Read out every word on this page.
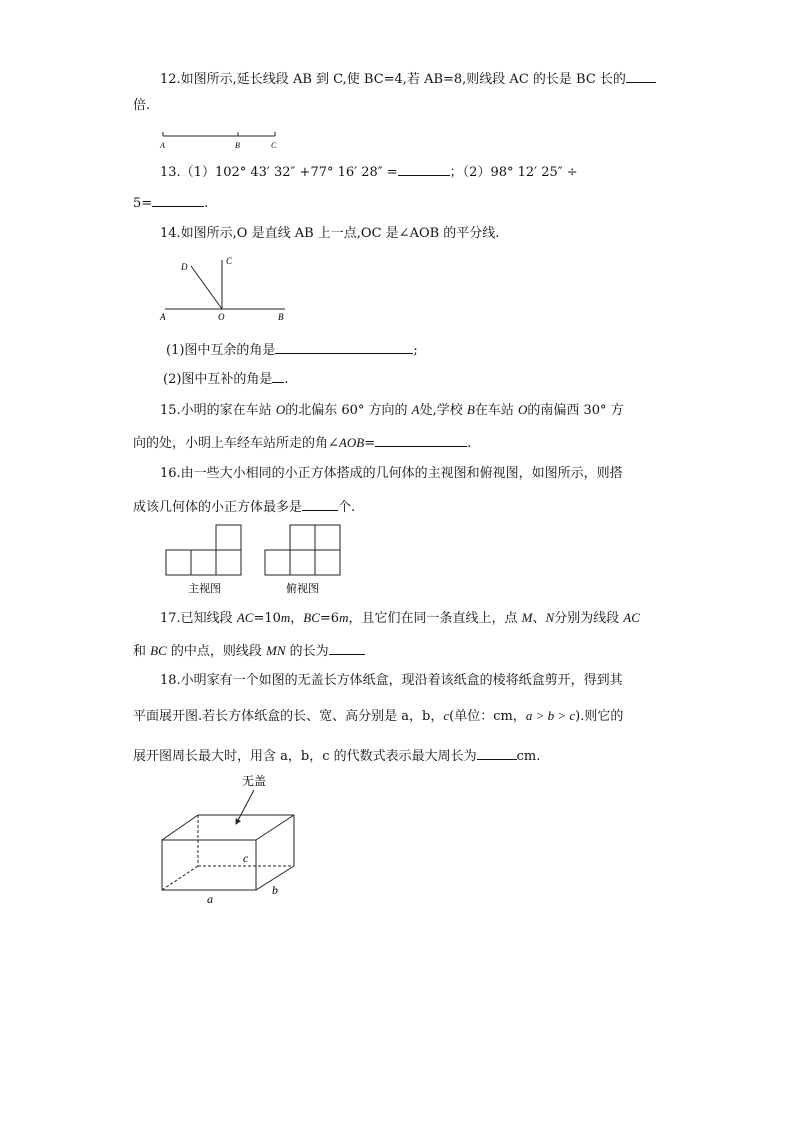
12.如图所示,延长线段 AB 到 C,使 BC=4,若 AB=8,则线段 AC 的长是 BC 长的
倍.
A	B	C
13.（1）102° 43′ 32″ +77° 16′ 28″ =	；（2）98° 12′ 25″ ÷
5=	.
14.如图所示,O 是直线 AB 上一点,OC 是∠AOB 的平分线.
D
C
A	O	B
(1)图中互余的角是	;
(2)图中互补的角是 .
15.小明的家在车站 O的北偏东 60° 方向的 A处,学校 B在车站 O的南偏西 30° 方
向的处，小明上车经车站所走的角∠AOB=	.
16.由一些大小相同的小正方体搭成的几何体的主视图和俯视图，如图所示，则搭
成该几何体的小正方体最多是	个.
主视图	俯视图
17.已知线段 AC=10m，BC=6m，且它们在同一条直线上，点 M、N分别为线段 AC
和 BC 的中点，则线段 MN 的长为
18.小明家有一个如图的无盖长方体纸盒，现沿着该纸盒的棱将纸盒剪开，得到其
平面展开图.若长方体纸盒的长、宽、高分别是 a，b，c(单位：cm，a > b > c).则它的
展开图周长最大时，用含 a，b，c 的代数式表示最大周长为	cm.
无盖
a
b
c
